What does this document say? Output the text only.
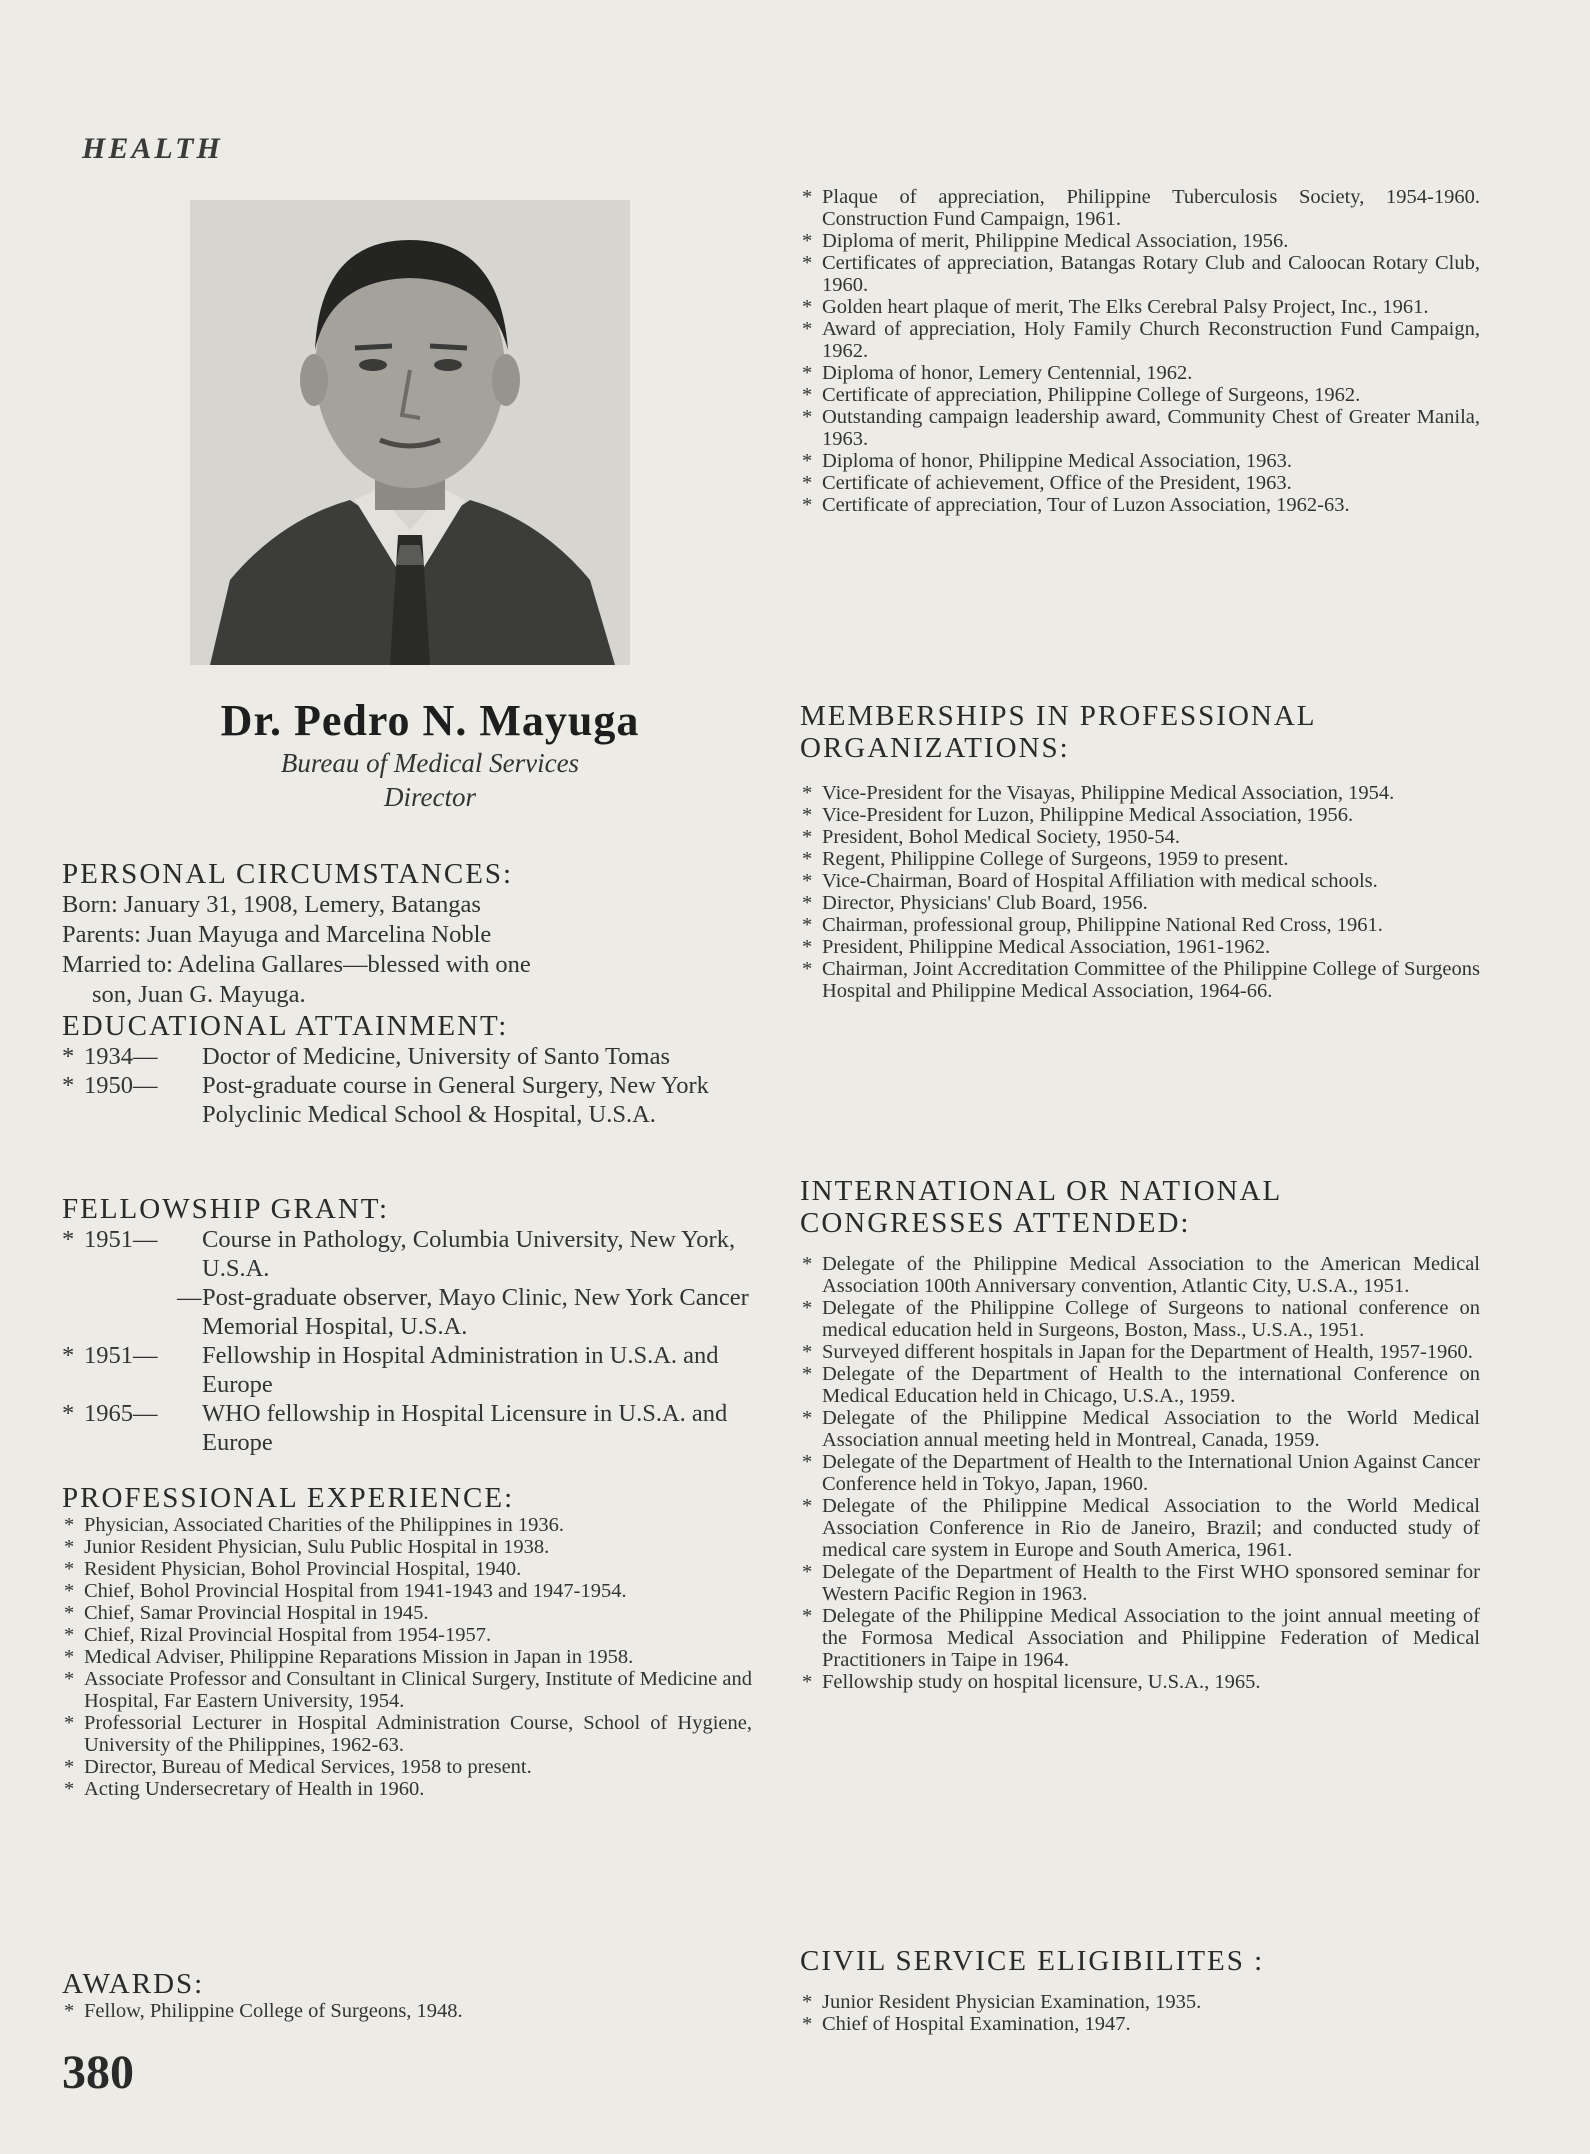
HEALTH
Dr. Pedro N. Mayuga
Bureau of Medical Services
Director
PERSONAL CIRCUMSTANCES:

Born: January 31, 1908, Lemery, Batangas

Parents: Juan Mayuga and Marcelina Noble

Married to: Adelina Gallares—blessed with one

son, Juan G. Mayuga.

EDUCATIONAL ATTAINMENT:
* 1934— Doctor of Medicine, University of Santo Tomas
* 1950— Post-graduate course in General Surgery, New York Polyclinic Medical School & Hospital, U.S.A.
FELLOWSHIP GRANT:
* 1951— Course in Pathology, Columbia University, New York, U.S.A.
— Post-graduate observer, Mayo Clinic, New York Cancer Memorial Hospital, U.S.A.
* 1951— Fellowship in Hospital Administration in U.S.A. and Europe
* 1965— WHO fellowship in Hospital Licensure in U.S.A. and Europe
PROFESSIONAL EXPERIENCE:
* Physician, Associated Charities of the Philippines in 1936.
* Junior Resident Physician, Sulu Public Hospital in 1938.
* Resident Physician, Bohol Provincial Hospital, 1940.
* Chief, Bohol Provincial Hospital from 1941-1943 and 1947-1954.
* Chief, Samar Provincial Hospital in 1945.
* Chief, Rizal Provincial Hospital from 1954-1957.
* Medical Adviser, Philippine Reparations Mission in Japan in 1958.
* Associate Professor and Consultant in Clinical Surgery, Institute of Medicine and Hospital, Far Eastern University, 1954.
* Professorial Lecturer in Hospital Administration Course, School of Hygiene, University of the Philippines, 1962-63.
* Director, Bureau of Medical Services, 1958 to present.
* Acting Undersecretary of Health in 1960.
AWARDS:
* Fellow, Philippine College of Surgeons, 1948.
380
* Plaque of appreciation, Philippine Tuberculosis Society, 1954-1960. Construction Fund Campaign, 1961.
* Diploma of merit, Philippine Medical Association, 1956.
* Certificates of appreciation, Batangas Rotary Club and Caloocan Rotary Club, 1960.
* Golden heart plaque of merit, The Elks Cerebral Palsy Project, Inc., 1961.
* Award of appreciation, Holy Family Church Reconstruction Fund Campaign, 1962.
* Diploma of honor, Lemery Centennial, 1962.
* Certificate of appreciation, Philippine College of Surgeons, 1962.
* Outstanding campaign leadership award, Community Chest of Greater Manila, 1963.
* Diploma of honor, Philippine Medical Association, 1963.
* Certificate of achievement, Office of the President, 1963.
* Certificate of appreciation, Tour of Luzon Association, 1962-63.
MEMBERSHIPS IN PROFESSIONAL
ORGANIZATIONS:
* Vice-President for the Visayas, Philippine Medical Association, 1954.
* Vice-President for Luzon, Philippine Medical Association, 1956.
* President, Bohol Medical Society, 1950-54.
* Regent, Philippine College of Surgeons, 1959 to present.
* Vice-Chairman, Board of Hospital Affiliation with medical schools.
* Director, Physicians' Club Board, 1956.
* Chairman, professional group, Philippine National Red Cross, 1961.
* President, Philippine Medical Association, 1961-1962.
* Chairman, Joint Accreditation Committee of the Philippine College of Surgeons Hospital and Philippine Medical Association, 1964-66.
INTERNATIONAL OR NATIONAL
CONGRESSES ATTENDED:
* Delegate of the Philippine Medical Association to the American Medical Association 100th Anniversary convention, Atlantic City, U.S.A., 1951.
* Delegate of the Philippine College of Surgeons to national conference on medical education held in Surgeons, Boston, Mass., U.S.A., 1951.
* Surveyed different hospitals in Japan for the Department of Health, 1957-1960.
* Delegate of the Department of Health to the international Conference on Medical Education held in Chicago, U.S.A., 1959.
* Delegate of the Philippine Medical Association to the World Medical Association annual meeting held in Montreal, Canada, 1959.
* Delegate of the Department of Health to the International Union Against Cancer Conference held in Tokyo, Japan, 1960.
* Delegate of the Philippine Medical Association to the World Medical Association Conference in Rio de Janeiro, Brazil; and conducted study of medical care system in Europe and South America, 1961.
* Delegate of the Department of Health to the First WHO sponsored seminar for Western Pacific Region in 1963.
* Delegate of the Philippine Medical Association to the joint annual meeting of the Formosa Medical Association and Philippine Federation of Medical Practitioners in Taipe in 1964.
* Fellowship study on hospital licensure, U.S.A., 1965.
CIVIL SERVICE ELIGIBILITES :
* Junior Resident Physician Examination, 1935.
* Chief of Hospital Examination, 1947.
